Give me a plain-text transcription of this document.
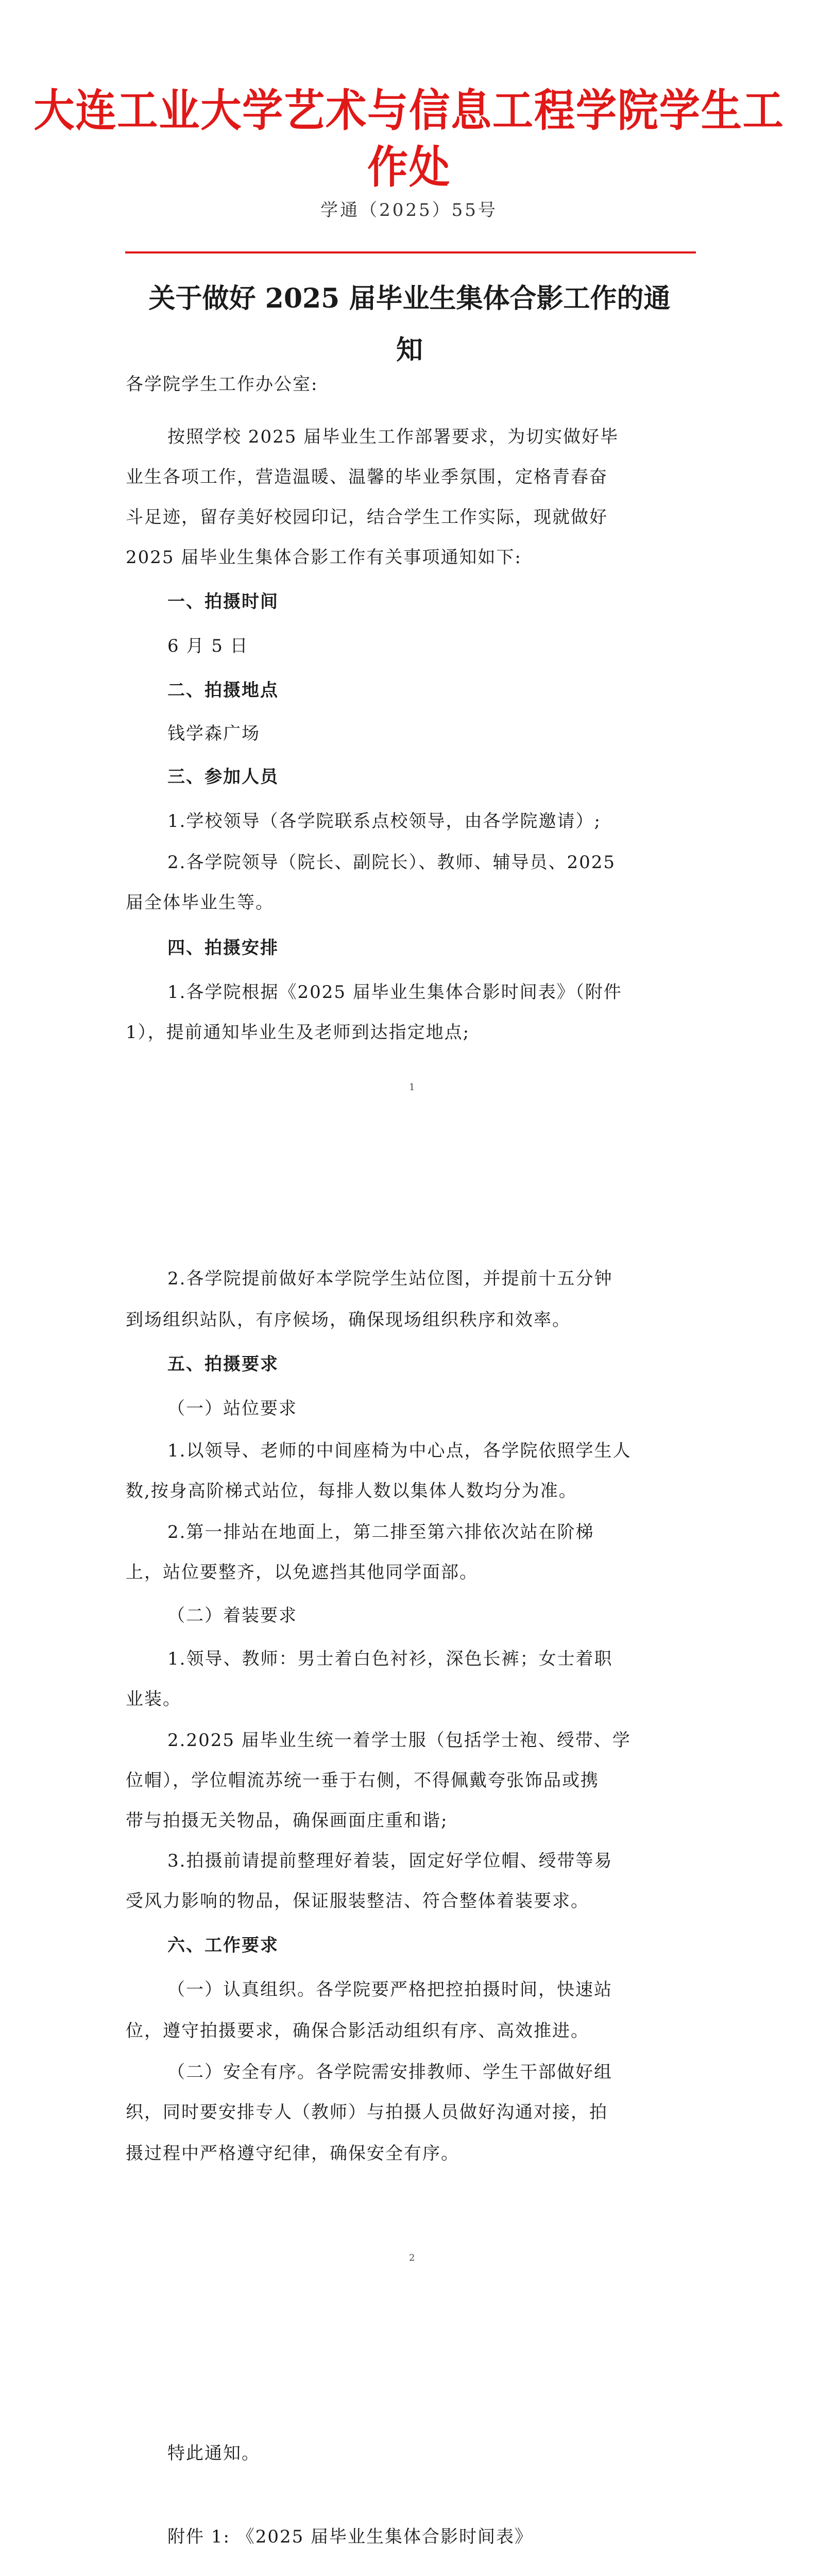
大连工业大学艺术与信息工程学院学生工作处
学通（2025）55号
关于做好 2025 届毕业生集体合影工作的通
知
各学院学生工作办公室:
按照学校 2025 届毕业生工作部署要求，为切实做好毕
业生各项工作，营造温暖、温馨的毕业季氛围，定格青春奋
斗足迹，留存美好校园印记，结合学生工作实际，现就做好
2025 届毕业生集体合影工作有关事项通知如下:
一、拍摄时间
6 月 5 日
二、拍摄地点
钱学森广场
三、参加人员
1.学校领导（各学院联系点校领导，由各学院邀请）;
2.各学院领导（院长、副院长）、教师、辅导员、2025
届全体毕业生等。
四、拍摄安排
1.各学院根据《2025 届毕业生集体合影时间表》（附件
1），提前通知毕业生及老师到达指定地点;
1
2.各学院提前做好本学院学生站位图，并提前十五分钟
到场组织站队，有序候场，确保现场组织秩序和效率。
五、拍摄要求
（一）站位要求
1.以领导、老师的中间座椅为中心点，各学院依照学生人
数,按身高阶梯式站位，每排人数以集体人数均分为准。
2.第一排站在地面上，第二排至第六排依次站在阶梯
上，站位要整齐，以免遮挡其他同学面部。
（二）着装要求
1.领导、教师：男士着白色衬衫，深色长裤；女士着职
业装。
2.2025 届毕业生统一着学士服（包括学士袍、绶带、学
位帽），学位帽流苏统一垂于右侧，不得佩戴夸张饰品或携
带与拍摄无关物品，确保画面庄重和谐;
3.拍摄前请提前整理好着装，固定好学位帽、绶带等易
受风力影响的物品，保证服装整洁、符合整体着装要求。
六、工作要求
（一）认真组织。各学院要严格把控拍摄时间，快速站
位，遵守拍摄要求，确保合影活动组织有序、高效推进。
（二）安全有序。各学院需安排教师、学生干部做好组
织，同时要安排专人（教师）与拍摄人员做好沟通对接，拍
摄过程中严格遵守纪律，确保安全有序。
2
特此通知。
附件 1: 《2025 届毕业生集体合影时间表》
